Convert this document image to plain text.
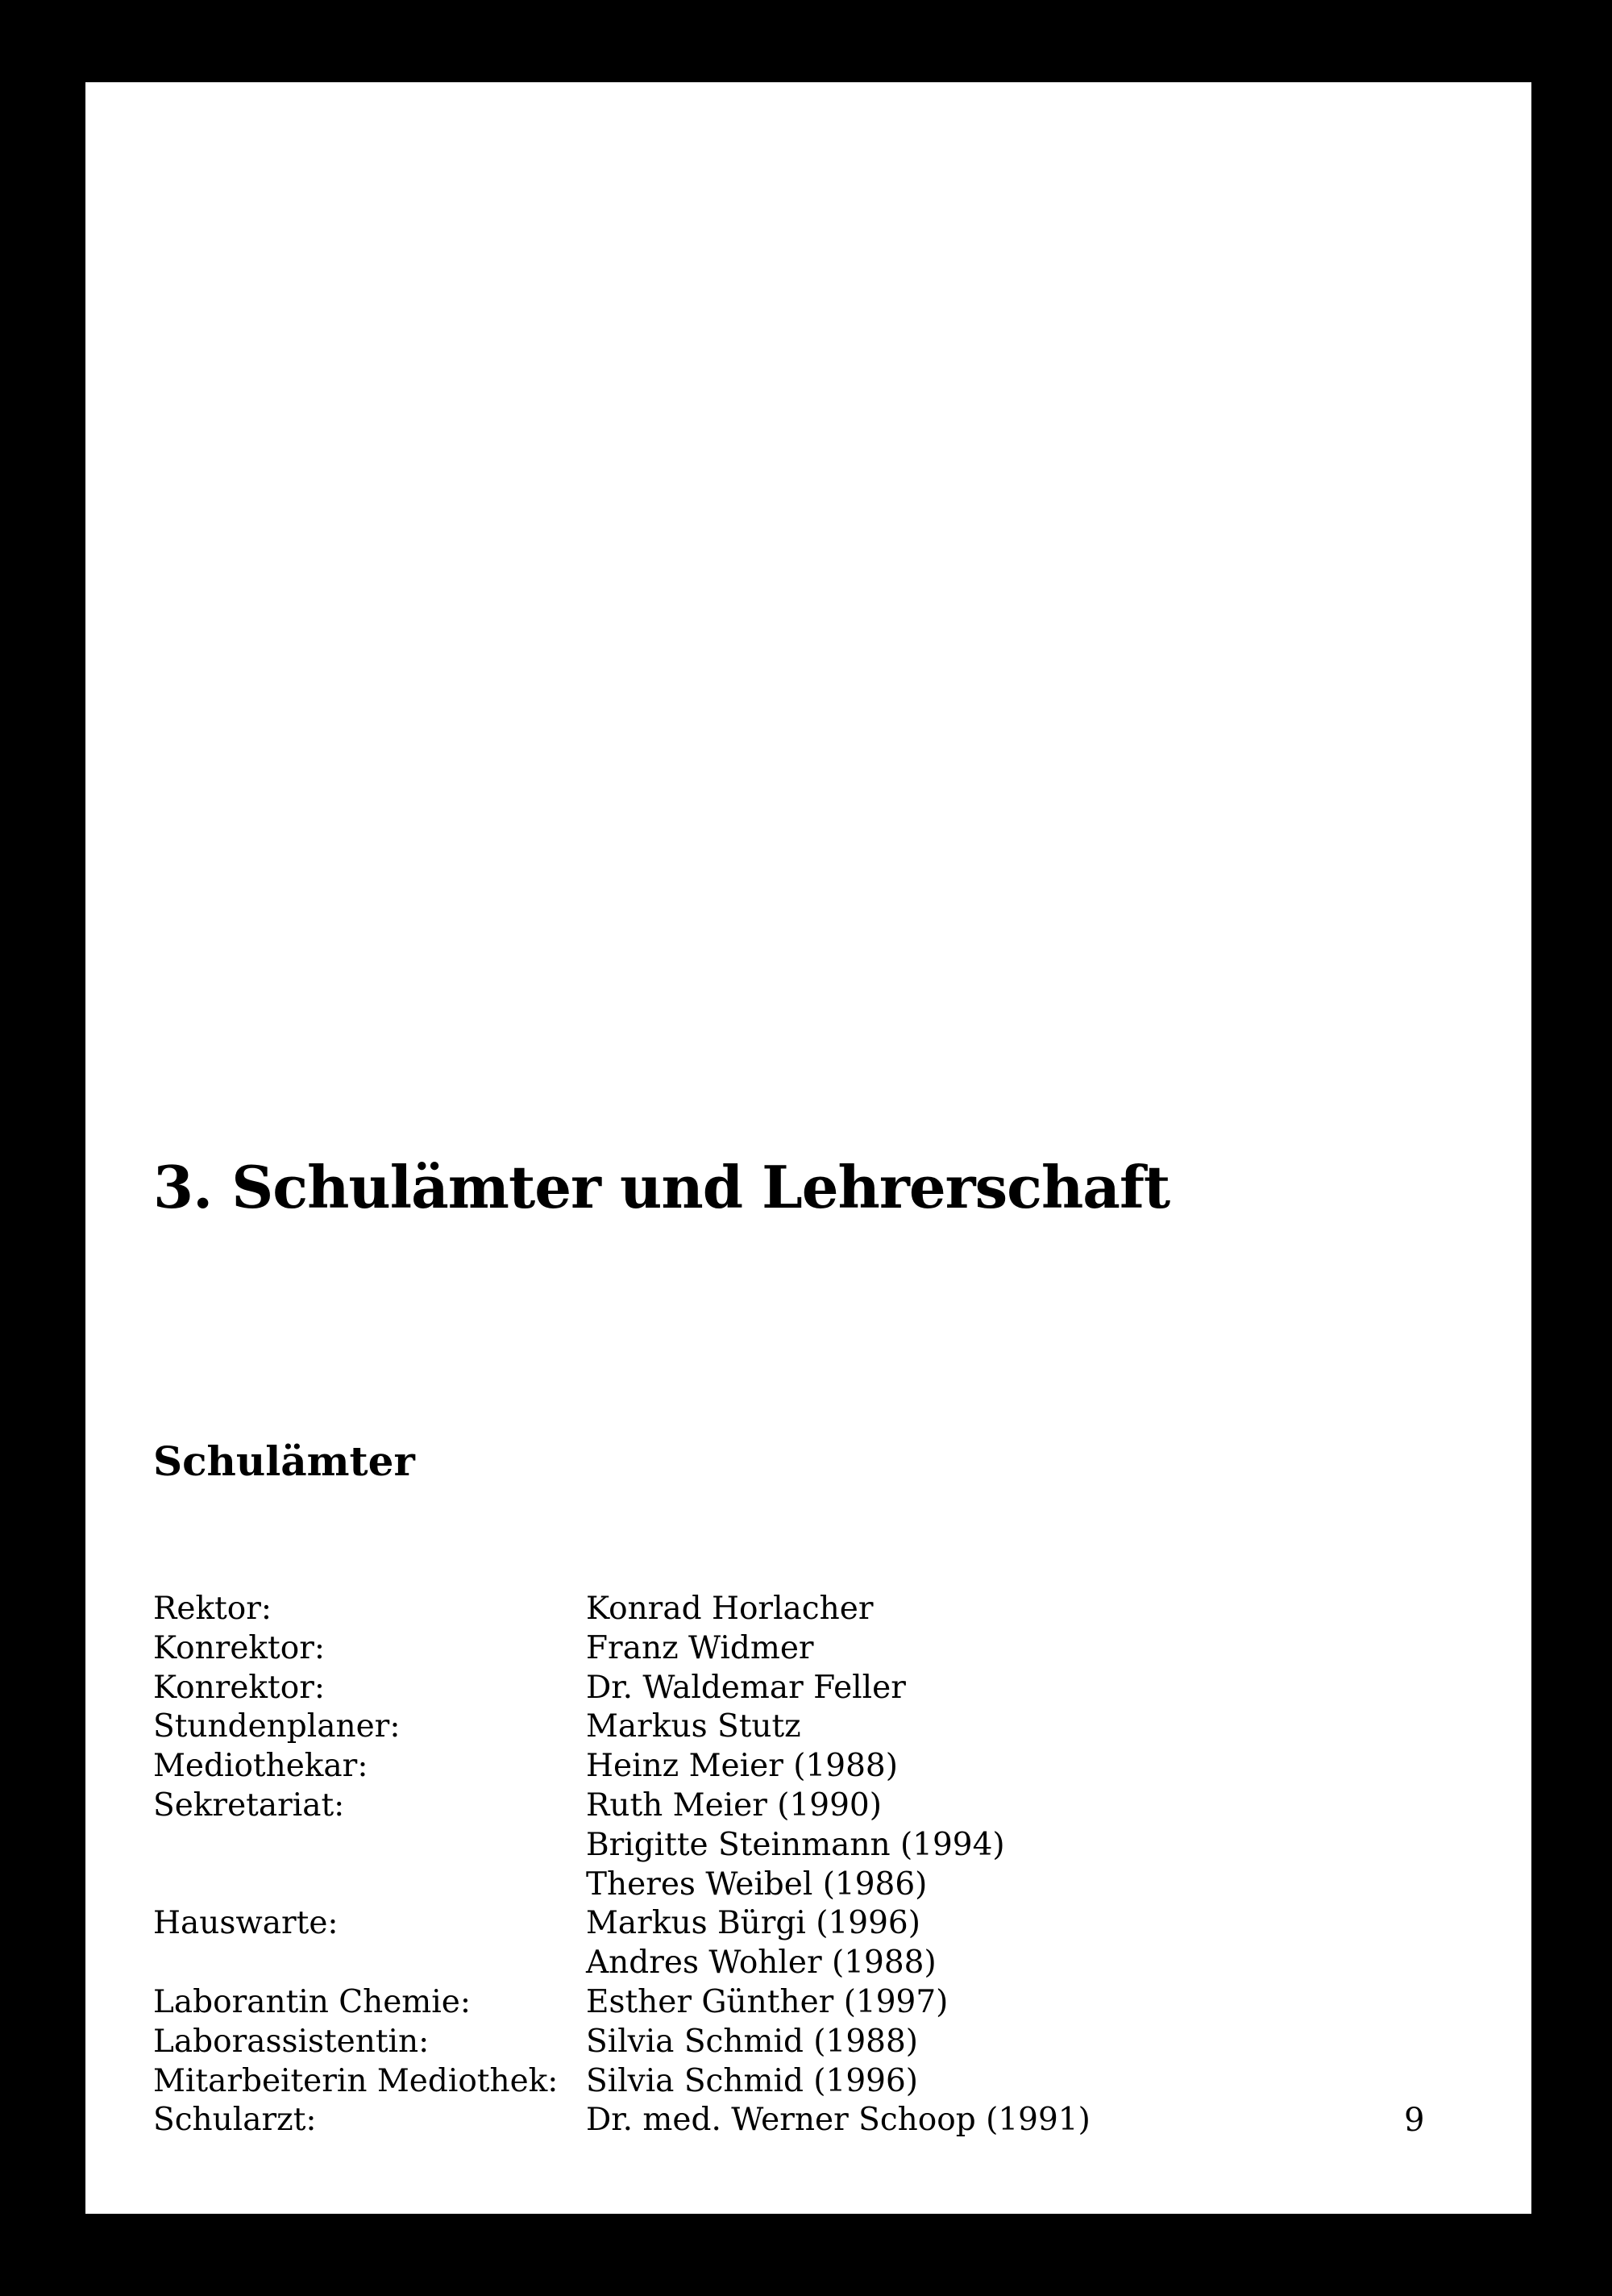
3. Schulämter und Lehrerschaft
Schulämter
Rektor:	Konrad Horlacher
Konrektor:	Franz Widmer
Konrektor:	Dr. Waldemar Feller
Stundenplaner:	Markus Stutz
Mediothekar:	Heinz Meier (1988)
Sekretariat:	Ruth Meier (1990)
Brigitte Steinmann (1994)
Theres Weibel (1986)
Hauswarte:	Markus Bürgi (1996)
Andres Wohler (1988)
Laborantin Chemie:	Esther Günther (1997)
Laborassistentin:	Silvia Schmid (1988)
Mitarbeiterin Mediothek: Silvia Schmid (1996)
Schularzt:	Dr. med. Werner Schoop (1991)	9
